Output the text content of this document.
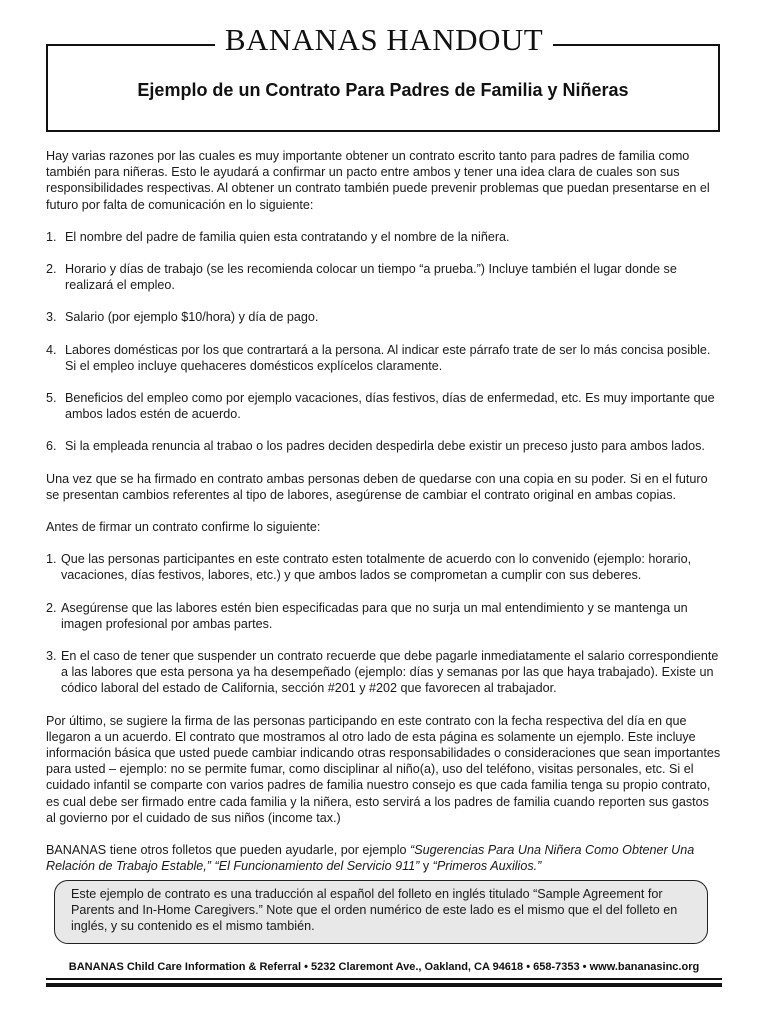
BANANAS HANDOUT
Ejemplo de un Contrato Para Padres de Familia y Niñeras

Hay varias razones por las cuales es muy importante obtener un contrato escrito tanto para padres de familia como también para niñeras. Esto le ayudará a confirmar un pacto entre ambos y tener una idea clara de cuales son sus responsibilidades respectivas. Al obtener un contrato también puede prevenir problemas que puedan presentarse en el futuro por falta de comunicación en lo siguiente:

1. El nombre del padre de familia quien esta contratando y el nombre de la niñera.
2. Horario y días de trabajo (se les recomienda colocar un tiempo “a prueba.”) Incluye también el lugar donde se realizará el empleo.
3. Salario (por ejemplo $10/hora) y día de pago.
4. Labores domésticas por los que contrartará a la persona. Al indicar este párrafo trate de ser lo más concisa posible. Si el empleo incluye quehaceres domésticos explícelos claramente.
5. Beneficios del empleo como por ejemplo vacaciones, días festivos, días de enfermedad, etc. Es muy importante que ambos lados estén de acuerdo.
6. Si la empleada renuncia al trabao o los padres deciden despedirla debe existir un preceso justo para ambos lados.

Una vez que se ha firmado en contrato ambas personas deben de quedarse con una copia en su poder. Si en el futuro se presentan cambios referentes al tipo de labores, asegúrense de cambiar el contrato original en ambas copias.

Antes de firmar un contrato confirme lo siguiente:

1. Que las personas participantes en este contrato esten totalmente de acuerdo con lo convenido (ejemplo: horario, vacaciones, días festivos, labores, etc.) y que ambos lados se comprometan a cumplir con sus deberes.
2. Asegúrense que las labores estén bien especificadas para que no surja un mal entendimiento y se mantenga un imagen profesional por ambas partes.
3. En el caso de tener que suspender un contrato recuerde que debe pagarle inmediatamente el salario correspondiente a las labores que esta persona ya ha desempeñado (ejemplo: días y semanas por las que haya trabajado). Existe un códico laboral del estado de California, sección #201 y #202 que favorecen al trabajador.

Por último, se sugiere la firma de las personas participando en este contrato con la fecha respectiva del día en que llegaron a un acuerdo. El contrato que mostramos al otro lado de esta página es solamente un ejemplo. Este incluye información básica que usted puede cambiar indicando otras responsabilidades o consideraciones que sean importantes para usted – ejemplo: no se permite fumar, como disciplinar al niño(a), uso del teléfono, visitas personales, etc. Si el cuidado infantil se comparte con varios padres de familia nuestro consejo es que cada familia tenga su propio contrato, es cual debe ser firmado entre cada familia y la niñera, esto servirá a los padres de familia cuando reporten sus gastos al govierno por el cuidado de sus niños (income tax.)

BANANAS tiene otros folletos que pueden ayudarle, por ejemplo “Sugerencias Para Una Niñera Como Obtener Una Relación de Trabajo Estable,” “El Funcionamiento del Servicio 911” y “Primeros Auxilios.”

Este ejemplo de contrato es una traducción al español del folleto en inglés titulado “Sample Agreement for Parents and In-Home Caregivers.” Note que el orden numérico de este lado es el mismo que el del folleto en inglés, y su contenido es el mismo también.
BANANAS Child Care Information & Referral • 5232 Claremont Ave., Oakland, CA 94618 • 658-7353 • www.bananasinc.org
